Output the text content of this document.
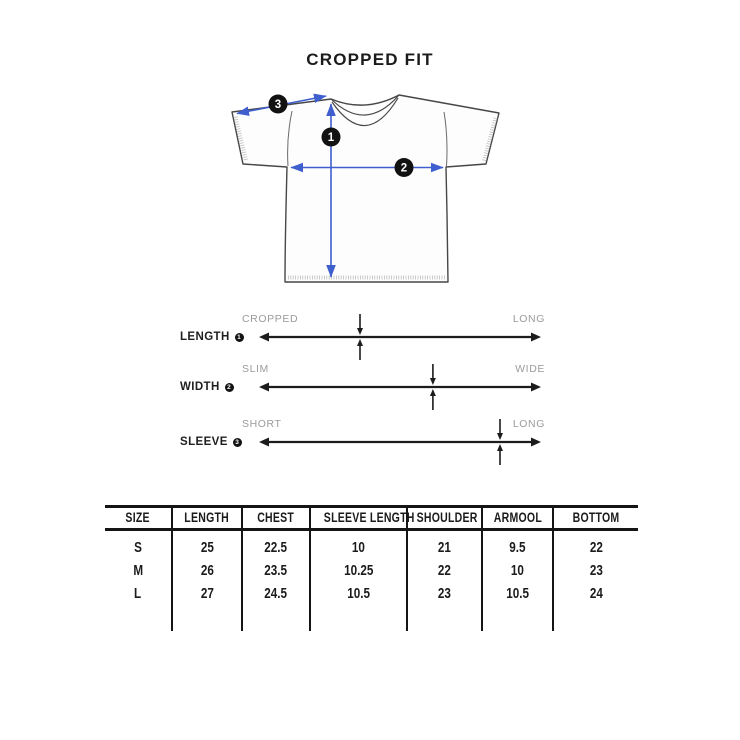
CROPPED FIT
1
2
3
LENGTH	1
CROPPED	LONG
WIDTH	2
SLIM	WIDE
SLEEVE	3
SHORT	LONG
SIZE	LENGTH	CHEST	SLEEVE LENGTH	SHOULDER	ARMOOL	BOTTOM

S	25	22.5	10	21	9.5	22
M	26	23.5	10.25	22	10	23
L	27	24.5	10.5	23	10.5	24
